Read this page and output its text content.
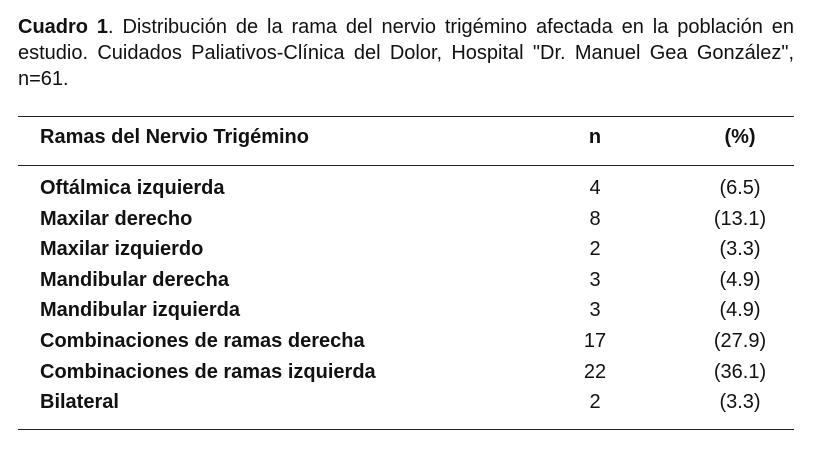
Cuadro 1. Distribución de la rama del nervio trigémino afectada en la población en estudio. Cuidados Paliativos-Clínica del Dolor, Hospital "Dr. Manuel Gea González", n=61.

Ramas del Nervio Trigémino	n	(%)
Oftálmica izquierda	4	(6.5)
Maxilar derecho	8	(13.1)
Maxilar izquierdo	2	(3.3)
Mandibular derecha	3	(4.9)
Mandibular izquierda	3	(4.9)
Combinaciones de ramas derecha	17	(27.9)
Combinaciones de ramas izquierda	22	(36.1)
Bilateral	2	(3.3)
